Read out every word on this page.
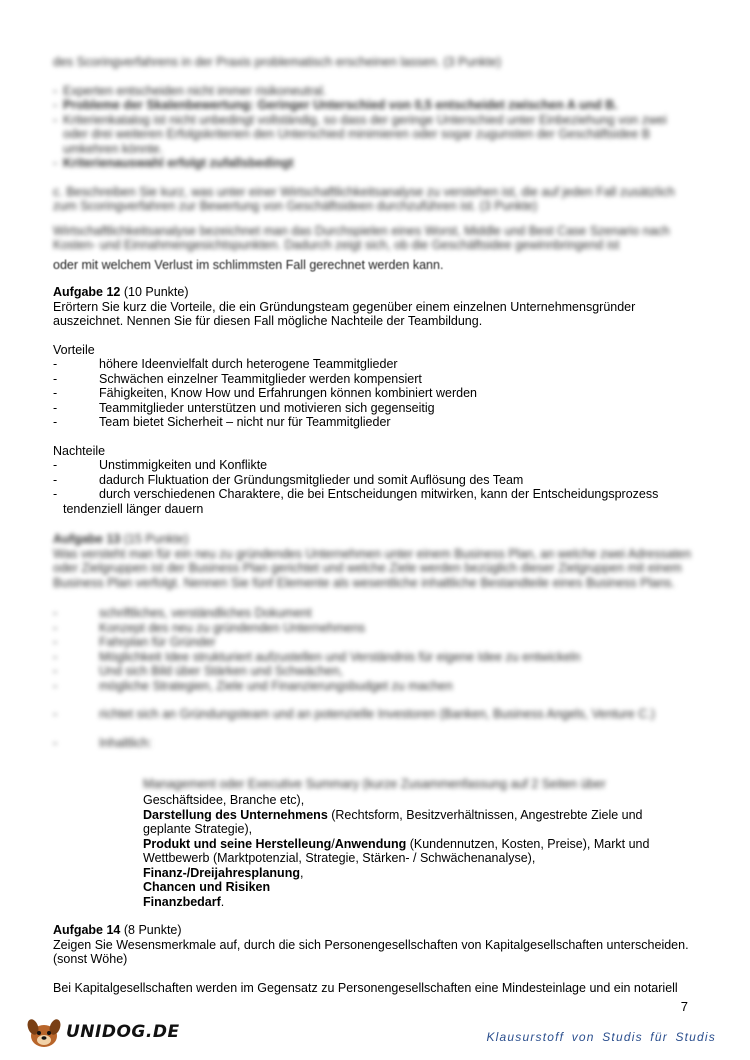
des Scoringverfahrens in der Praxis problematisch erscheinen lassen. (3 Punkte)

- Experten entscheiden nicht immer risikoneutral.
- Probleme der Skalenbewertung: Geringer Unterschied von 0,5 entscheidet zwischen A und B.
- Kriterienkatalog ist nicht unbedingt vollständig, so dass der geringe Unterschied unter Einbeziehung von zwei oder drei weiteren Erfolgskriterien den Unterschied minimieren oder sogar zugunsten der Geschäftsidee B umkehren könnte.
- Kriterienauswahl erfolgt zufallsbedingt

c. Beschreiben Sie kurz, was unter einer Wirtschaftlichkeitsanalyse zu verstehen ist, die auf jeden Fall zusätzlich zum Scoringverfahren zur Bewertung von Geschäftsideen durchzuführen ist. (3 Punkte)

Wirtschaftlichkeitsanalyse bezeichnet man das Durchspielen eines Worst, Middle und Best Case Szenario nach Kosten- und Einnahmengesichtspunkten. Dadurch zeigt sich, ob die Geschäftsidee gewinnbringend ist

oder mit welchem Verlust im schlimmsten Fall gerechnet werden kann.

Aufgabe 12 (10 Punkte)

Erörtern Sie kurz die Vorteile, die ein Gründungsteam gegenüber einem einzelnen Unternehmensgründer auszeichnet. Nennen Sie für diesen Fall mögliche Nachteile der Teambildung.

Vorteile

-	höhere Ideenvielfalt durch heterogene Teammitglieder
-	Schwächen einzelner Teammitglieder werden kompensiert
-	Fähigkeiten, Know How und Erfahrungen können kombiniert werden
-	Teammitglieder unterstützen und motivieren sich gegenseitig
-	Team bietet Sicherheit – nicht nur für Teammitglieder

Nachteile

-	Unstimmigkeiten und Konflikte
-	dadurch Fluktuation der Gründungsmitglieder und somit Auflösung des Team
-	durch verschiedenen Charaktere, die bei Entscheidungen mitwirken, kann der Entscheidungsprozess

tendenziell länger dauern

Aufgabe 13 (15 Punkte)

Was versteht man für ein neu zu gründendes Unternehmen unter einem Business Plan, an welche zwei Adressaten oder Zielgruppen ist der Business Plan gerichtet und welche Ziele werden bezüglich dieser Zielgruppen mit einem Business Plan verfolgt. Nennen Sie fünf Elemente als wesentliche inhaltliche Bestandteile eines Business Plans.

-	schriftliches, verständliches Dokument
-	Konzept des neu zu gründenden Unternehmens
-	Fahrplan für Gründer
-	Möglichkeit Idee strukturiert aufzustellen und Verständnis für eigene Idee zu entwickeln
-	Und sich Bild über Stärken und Schwächen,
-	mögliche Strategien, Ziele und Finanzierungsbudget zu machen
-	richtet sich an Gründungsteam und an potenzielle Investoren (Banken, Business Angels, Venture C.)
-	Inhaltlich:
Management oder Executive Summary (kurze Zusammenfassung auf 2 Seiten über

Geschäftsidee, Branche etc),

Darstellung des Unternehmens (Rechtsform, Besitzverhältnissen, Angestrebte Ziele und

geplante Strategie),

Produkt und seine Herstelleung/Anwendung (Kundennutzen, Kosten, Preise), Markt und

Wettbewerb (Marktpotenzial, Strategie, Stärken- / Schwächenanalyse),

Finanz-/Dreijahresplanung,

Chancen und Risiken

Finanzbedarf.

Aufgabe 14 (8 Punkte)

Zeigen Sie Wesensmerkmale auf, durch die sich Personengesellschaften von Kapitalgesellschaften unterscheiden. (sonst Wöhe)

Bei Kapitalgesellschaften werden im Gegensatz zu Personengesellschaften eine Mindesteinlage und ein notariell

7
UNIDOG.DE	Klausurstoff von Studis für Studis
